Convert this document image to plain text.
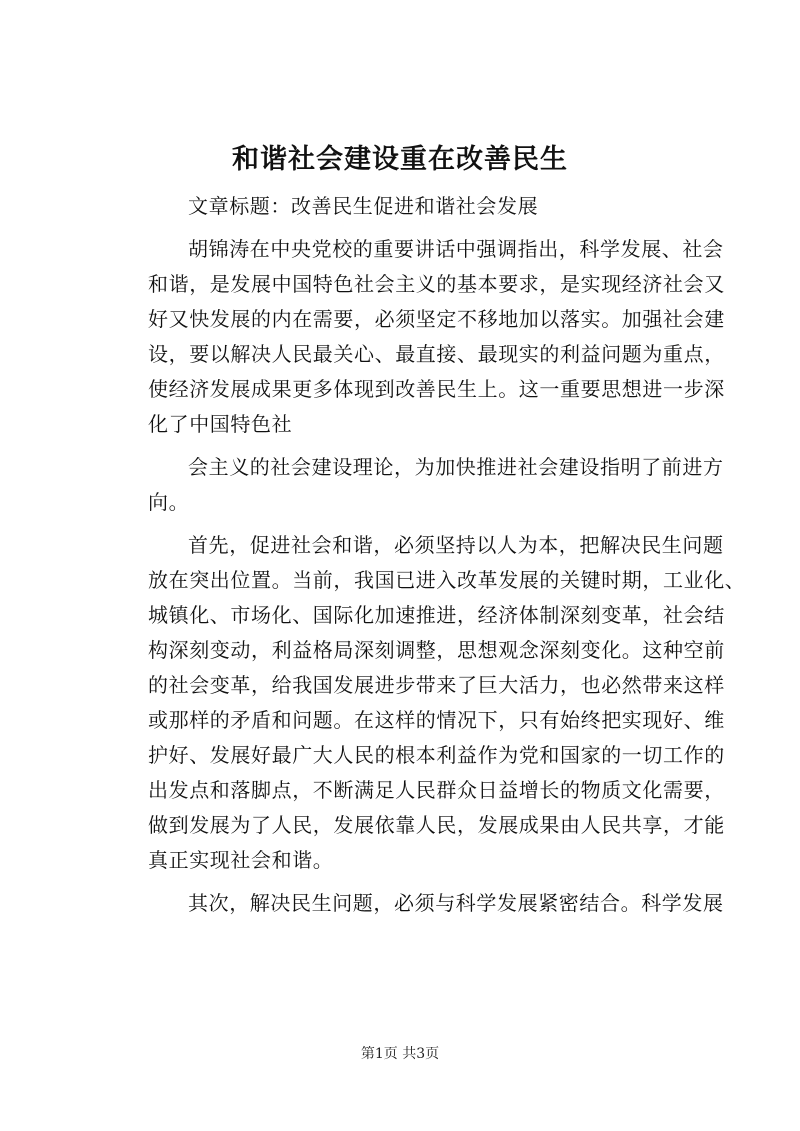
和谐社会建设重在改善民生
文章标题：改善民生促进和谐社会发展
胡锦涛在中央党校的重要讲话中强调指出，科学发展、社会
和谐，是发展中国特色社会主义的基本要求，是实现经济社会又
好又快发展的内在需要，必须坚定不移地加以落实。加强社会建
设，要以解决人民最关心、最直接、最现实的利益问题为重点，
使经济发展成果更多体现到改善民生上。这一重要思想进一步深
化了中国特色社
会主义的社会建设理论，为加快推进社会建设指明了前进方
向。
首先，促进社会和谐，必须坚持以人为本，把解决民生问题
放在突出位置。当前，我国已进入改革发展的关键时期，工业化、
城镇化、市场化、国际化加速推进，经济体制深刻变革，社会结
构深刻变动，利益格局深刻调整，思想观念深刻变化。这种空前
的社会变革，给我国发展进步带来了巨大活力，也必然带来这样
或那样的矛盾和问题。在这样的情况下，只有始终把实现好、维
护好、发展好最广大人民的根本利益作为党和国家的一切工作的
出发点和落脚点，不断满足人民群众日益增长的物质文化需要，
做到发展为了人民，发展依靠人民，发展成果由人民共享，才能
真正实现社会和谐。
其次，解决民生问题，必须与科学发展紧密结合。科学发展
第1页 共3页
